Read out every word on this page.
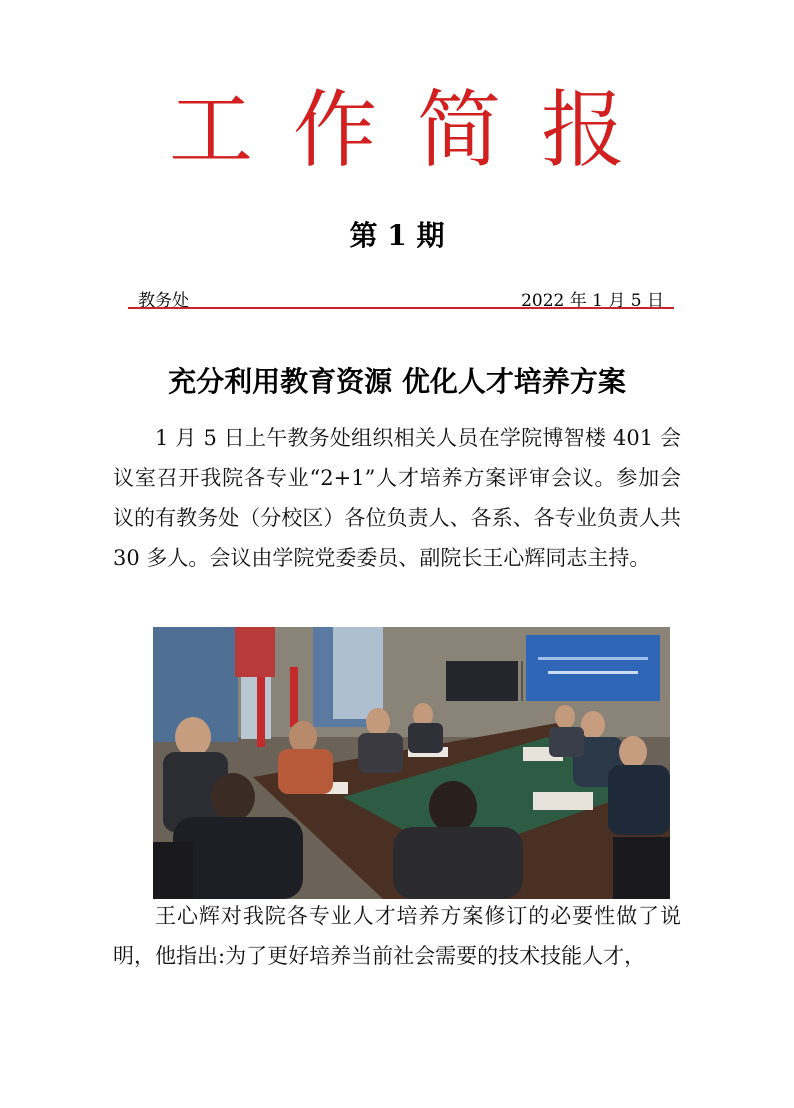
工作简报
第 1 期
教务处	2022 年 1 月 5 日
充分利用教育资源 优化人才培养方案

1 月 5 日上午教务处组织相关人员在学院博智楼 401 会议室召开我院各专业“2+1”人才培养方案评审会议。参加会议的有教务处（分校区）各位负责人、各系、各专业负责人共 30 多人。会议由学院党委委员、副院长王心辉同志主持。

王心辉对我院各专业人才培养方案修订的必要性做了说明，他指出:为了更好培养当前社会需要的技术技能人才，
